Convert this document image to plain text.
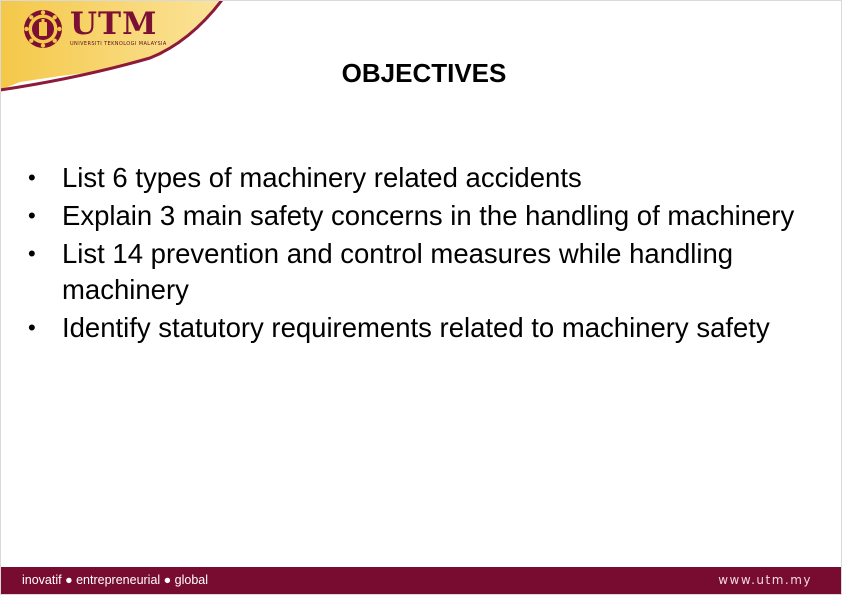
UTM
UNIVERSITI TEKNOLOGI MALAYSIA
OBJECTIVES
• List 6 types of machinery related accidents
• Explain 3 main safety concerns in the handling of machinery
• List 14 prevention and control measures while handling machinery
• Identify statutory requirements related to machinery safety
inovatif ● entrepreneurial ● global	www.utm.my
